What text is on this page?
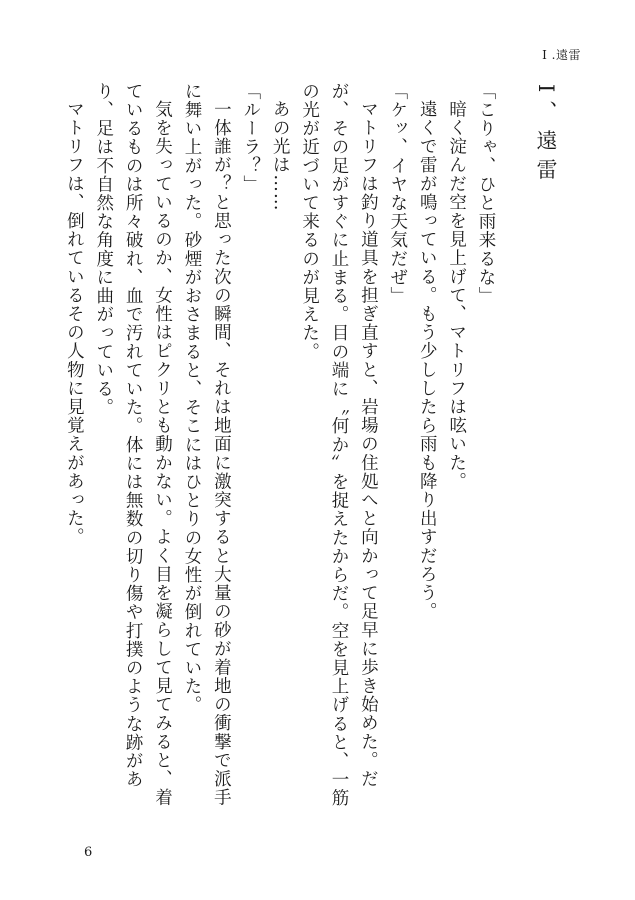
I .遠雷
I、遠雷

「こりゃ、ひと雨来るな」

暗く淀んだ空を見上げて、マトリフは呟いた。

遠くで雷が鳴っている。もう少ししたら雨も降り出すだろう。

「ケッ、イヤな天気だぜ」

マトリフは釣り道具を担ぎ直すと、岩場の住処へと向かって足早に歩き始めた。だが、その足がすぐに止まる。目の端に〝何か〟を捉えたからだ。空を見上げると、一筋の光が近づいて来るのが見えた。

あの光は……

「ルーラ？」

一体誰が？と思った次の瞬間、それは地面に激突すると大量の砂が着地の衝撃で派手に舞い上がった。砂煙がおさまると、そこにはひとりの女性が倒れていた。

気を失っているのか、女性はピクリとも動かない。よく目を凝らして見てみると、着ているものは所々破れ、血で汚れていた。体には無数の切り傷や打撲のような跡があり、足は不自然な角度に曲がっている。

マトリフは、倒れているその人物に見覚えがあった。

6
